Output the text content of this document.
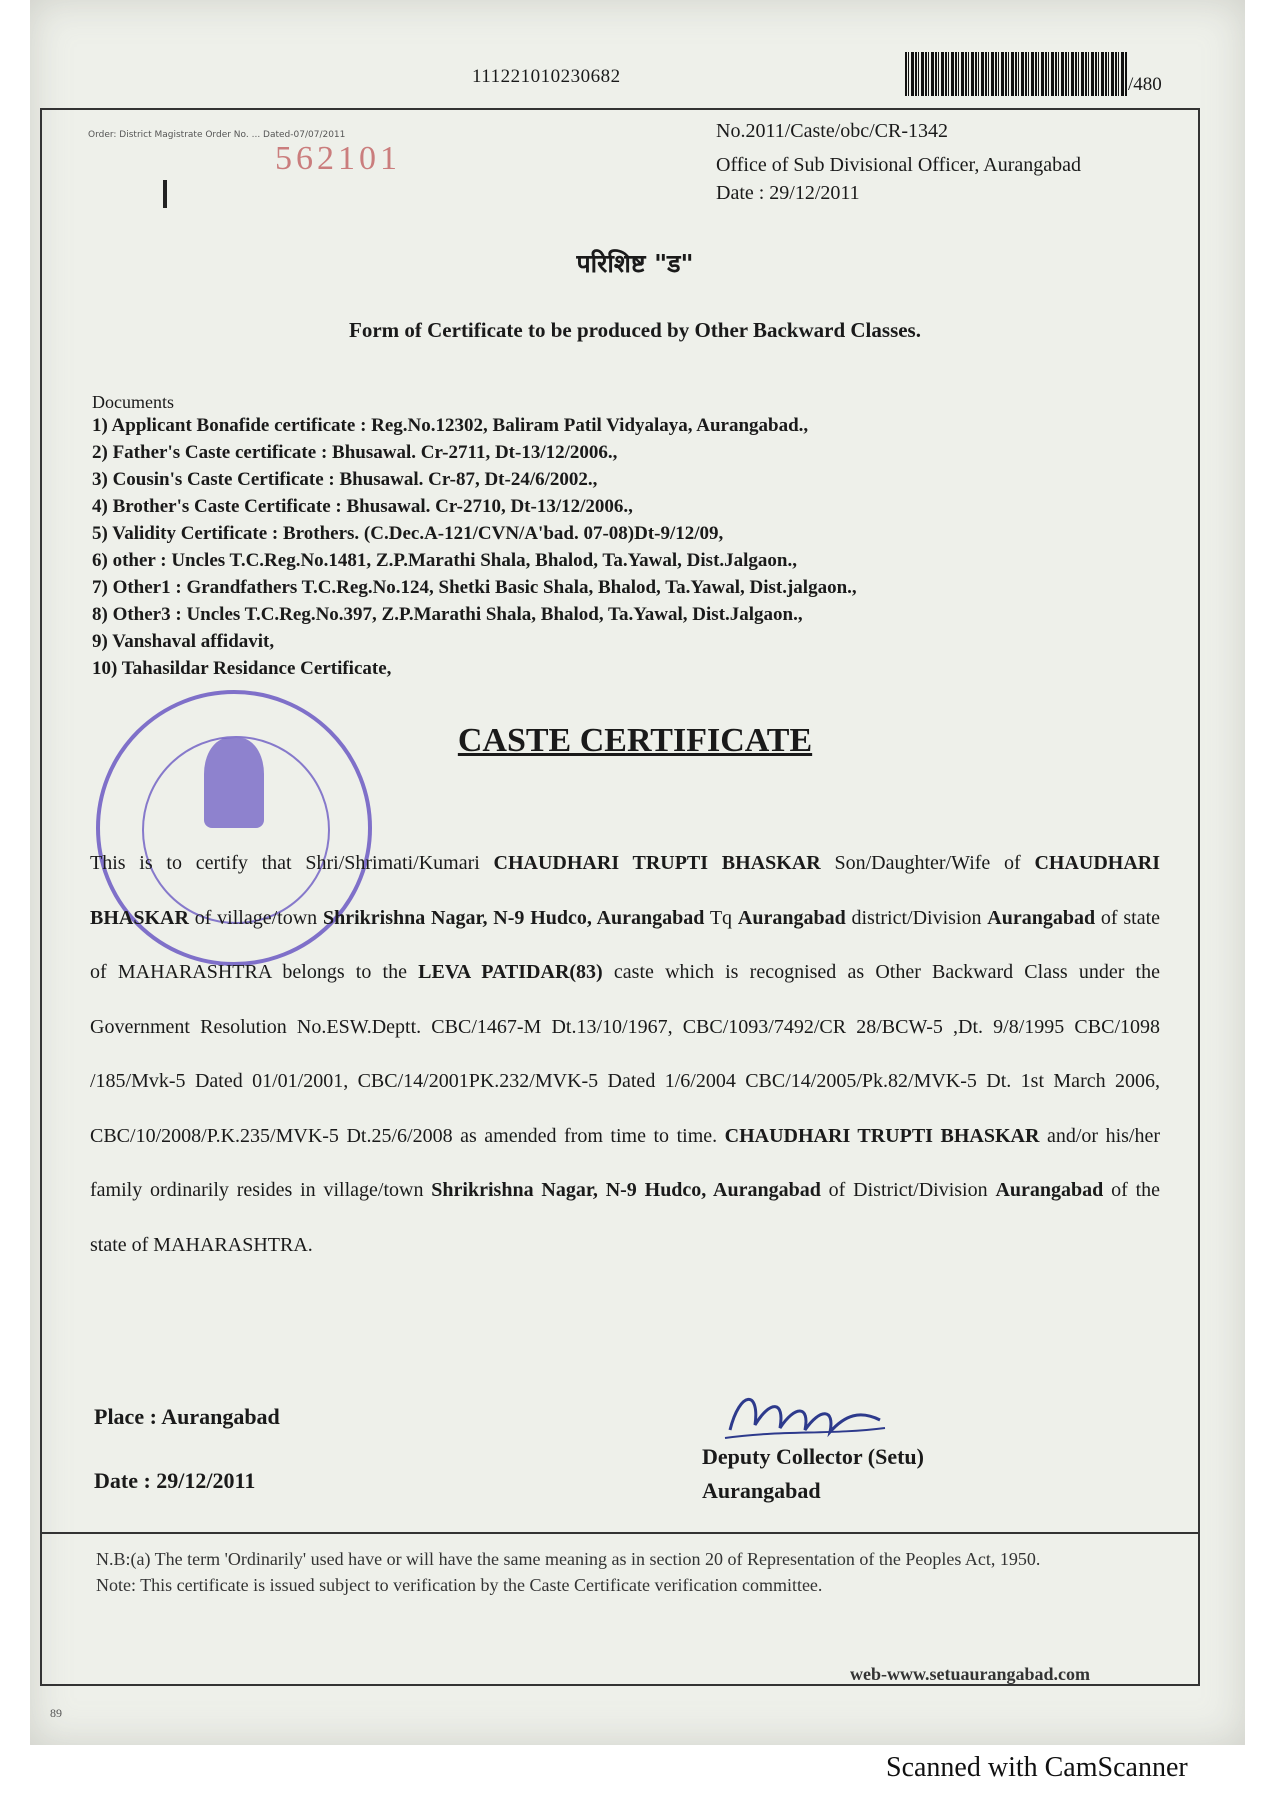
111221010230682	/480
Order: District Magistrate Order No. ... Dated-07/07/2011
562101
No.2011/Caste/obc/CR-1342
Office of Sub Divisional Officer, Aurangabad
Date : 29/12/2011
परिशिष्ट "ड"
Form of Certificate to be produced by Other Backward Classes.
Documents
1) Applicant Bonafide certificate : Reg.No.12302, Baliram Patil Vidyalaya, Aurangabad.,
2) Father's Caste certificate : Bhusawal. Cr-2711, Dt-13/12/2006.,
3) Cousin's Caste Certificate : Bhusawal. Cr-87, Dt-24/6/2002.,
4) Brother's Caste Certificate : Bhusawal. Cr-2710, Dt-13/12/2006.,
5) Validity Certificate : Brothers. (C.Dec.A-121/CVN/A'bad. 07-08)Dt-9/12/09,
6) other : Uncles T.C.Reg.No.1481, Z.P.Marathi Shala, Bhalod, Ta.Yawal, Dist.Jalgaon.,
7) Other1 : Grandfathers T.C.Reg.No.124, Shetki Basic Shala, Bhalod, Ta.Yawal, Dist.jalgaon.,
8) Other3 : Uncles T.C.Reg.No.397, Z.P.Marathi Shala, Bhalod, Ta.Yawal, Dist.Jalgaon.,
9) Vanshaval affidavit,
10) Tahasildar Residance Certificate,
CASTE CERTIFICATE
This is to certify that Shri/Shrimati/Kumari CHAUDHARI TRUPTI BHASKAR Son/Daughter/Wife of CHAUDHARI BHASKAR of village/town Shrikrishna Nagar, N-9 Hudco, Aurangabad Tq Aurangabad district/Division Aurangabad of state of MAHARASHTRA belongs to the LEVA PATIDAR(83) caste which is recognised as Other Backward Class under the Government Resolution No.ESW.Deptt. CBC/1467-M Dt.13/10/1967, CBC/1093/7492/CR 28/BCW-5 ,Dt. 9/8/1995 CBC/1098 /185/Mvk-5 Dated 01/01/2001, CBC/14/2001PK.232/MVK-5 Dated 1/6/2004 CBC/14/2005/Pk.82/MVK-5 Dt. 1st March 2006, CBC/10/2008/P.K.235/MVK-5 Dt.25/6/2008 as amended from time to time. CHAUDHARI TRUPTI BHASKAR and/or his/her family ordinarily resides in village/town Shrikrishna Nagar, N-9 Hudco, Aurangabad of District/Division Aurangabad of the state of MAHARASHTRA.
Place : Aurangabad
Date : 29/12/2011
Deputy Collector (Setu)
Aurangabad
N.B:(a) The term 'Ordinarily' used have or will have the same meaning as in section 20 of Representation of the Peoples Act, 1950.
Note: This certificate is issued subject to verification by the Caste Certificate verification committee.
web-www.setuaurangabad.com
89
Scanned with CamScanner
